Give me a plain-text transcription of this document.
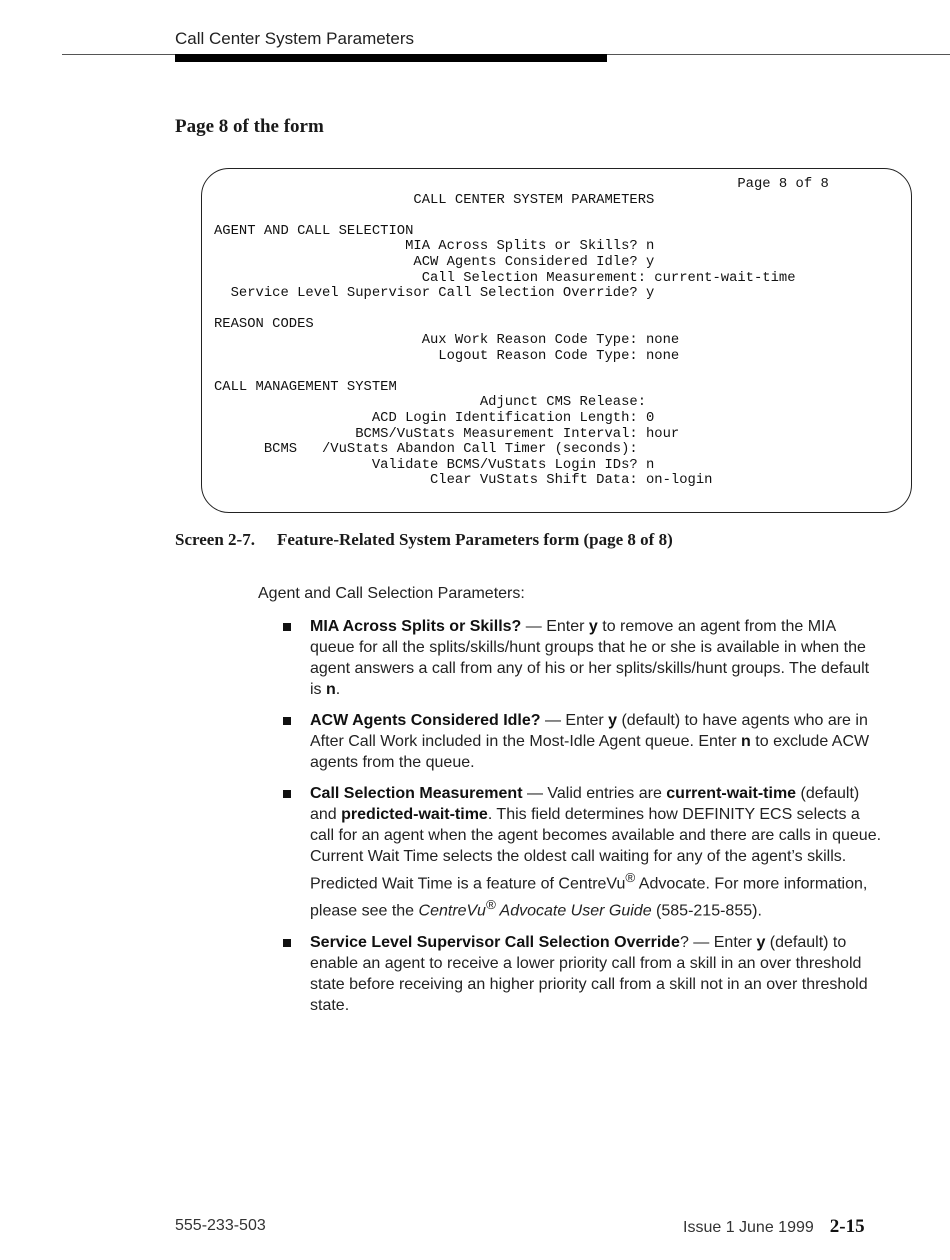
Call Center System Parameters
Page 8 of the form
Page 8 of 8
CALL CENTER SYSTEM PARAMETERS

AGENT AND CALL SELECTION
MIA Across Splits or Skills? n
ACW Agents Considered Idle? y
Call Selection Measurement: current-wait-time
Service Level Supervisor Call Selection Override? y

REASON CODES
Aux Work Reason Code Type: none
Logout Reason Code Type: none

CALL MANAGEMENT SYSTEM
Adjunct CMS Release:
ACD Login Identification Length: 0
BCMS/VuStats Measurement Interval: hour
BCMS   /VuStats Abandon Call Timer (seconds):
Validate BCMS/VuStats Login IDs? n
Clear VuStats Shift Data: on-login
Screen 2-7. Feature-Related System Parameters form (page 8 of 8)
Agent and Call Selection Parameters:
MIA Across Splits or Skills? — Enter y to remove an agent from the MIA queue for all the splits/skills/hunt groups that he or she is available in when the agent answers a call from any of his or her splits/skills/hunt groups. The default is n.
ACW Agents Considered Idle? — Enter y (default) to have agents who are in After Call Work included in the Most-Idle Agent queue. Enter n to exclude ACW agents from the queue.
Call Selection Measurement — Valid entries are current-wait-time (default) and predicted-wait-time. This field determines how DEFINITY ECS selects a call for an agent when the agent becomes available and there are calls in queue. Current Wait Time selects the oldest call waiting for any of the agent’s skills. Predicted Wait Time is a feature of CentreVu® Advocate. For more information, please see the CentreVu® Advocate User Guide (585-215-855).
Service Level Supervisor Call Selection Override? — Enter y (default) to enable an agent to receive a lower priority call from a skill in an over threshold state before receiving an higher priority call from a skill not in an over threshold state.
555-233-503	Issue 1 June 1999 2-15
